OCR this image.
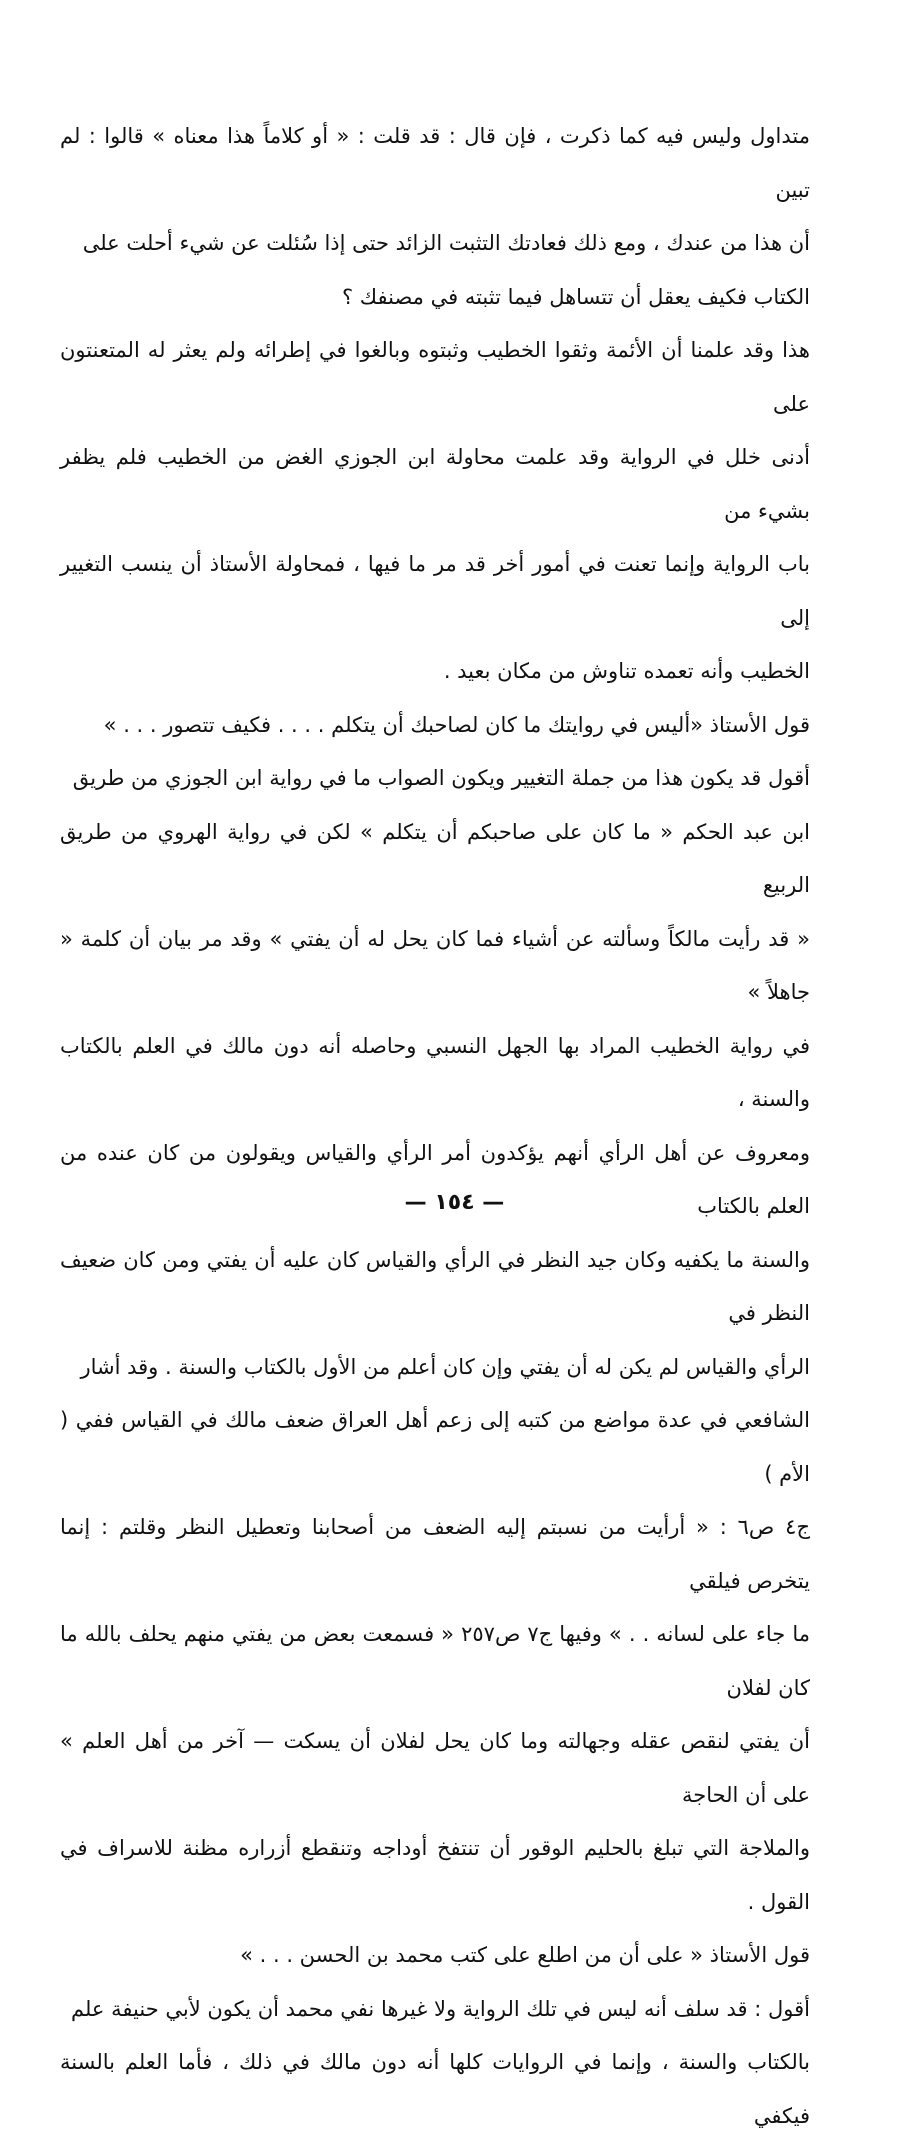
متداول وليس فيه كما ذكرت ، فإن قال : قد قلت : « أو كلاماً هذا معناه » قالوا : لم تبين

أن هذا من عندك ، ومع ذلك فعادتك التثبت الزائد حتى إذا سُئلت عن شيء أحلت على

الكتاب فكيف يعقل أن تتساهل فيما تثبته في مصنفك ؟

هذا وقد علمنا أن الأئمة وثقوا الخطيب وثبتوه وبالغوا في إطرائه ولم يعثر له المتعنتون على

أدنى خلل في الرواية وقد علمت محاولة ابن الجوزي الغض من الخطيب فلم يظفر بشيء من

باب الرواية وإنما تعنت في أمور أخر قد مر ما فيها ، فمحاولة الأستاذ أن ينسب التغيير إلى

الخطيب وأنه تعمده تناوش من مكان بعيد .

قول الأستاذ «أليس في روايتك ما كان لصاحبك أن يتكلم . . . . فكيف تتصور . . . »

أقول قد يكون هذا من جملة التغيير ويكون الصواب ما في رواية ابن الجوزي من طريق

ابن عبد الحكم « ما كان على صاحبكم أن يتكلم » لكن في رواية الهروي من طريق الربيع

« قد رأيت مالكاً وسألته عن أشياء فما كان يحل له أن يفتي » وقد مر بيان أن كلمة « جاهلاً »

في رواية الخطيب المراد بها الجهل النسبي وحاصله أنه دون مالك في العلم بالكتاب والسنة ،

ومعروف عن أهل الرأي أنهم يؤكدون أمر الرأي والقياس ويقولون من كان عنده من العلم بالكتاب

والسنة ما يكفيه وكان جيد النظر في الرأي والقياس كان عليه أن يفتي ومن كان ضعيف النظر في

الرأي والقياس لم يكن له أن يفتي وإن كان أعلم من الأول بالكتاب والسنة . وقد أشار

الشافعي في عدة مواضع من كتبه إلى زعم أهل العراق ضعف مالك في القياس ففي ( الأم )

ج٤ ص٦ : « أرأيت من نسبتم إليه الضعف من أصحابنا وتعطيل النظر وقلتم : إنما يتخرص فيلقي

ما جاء على لسانه . . » وفيها ج٧ ص٢٥٧ « فسمعت بعض من يفتي منهم يحلف بالله ما كان لفلان

أن يفتي لنقص عقله وجهالته وما كان يحل لفلان أن يسكت — آخر من أهل العلم » على أن الحاجة

والملاجة التي تبلغ بالحليم الوقور أن تنتفخ أوداجه وتنقطع أزراره مظنة للاسراف في القول .

قول الأستاذ « على أن من اطلع على كتب محمد بن الحسن . . . »

أقول : قد سلف أنه ليس في تلك الرواية ولا غيرها نفي محمد أن يكون لأبي حنيفة علم

بالكتاب والسنة ، وإنما في الروايات كلها أنه دون مالك في ذلك ، فأما العلم بالسنة فيكفي

— ١٥٤ —
